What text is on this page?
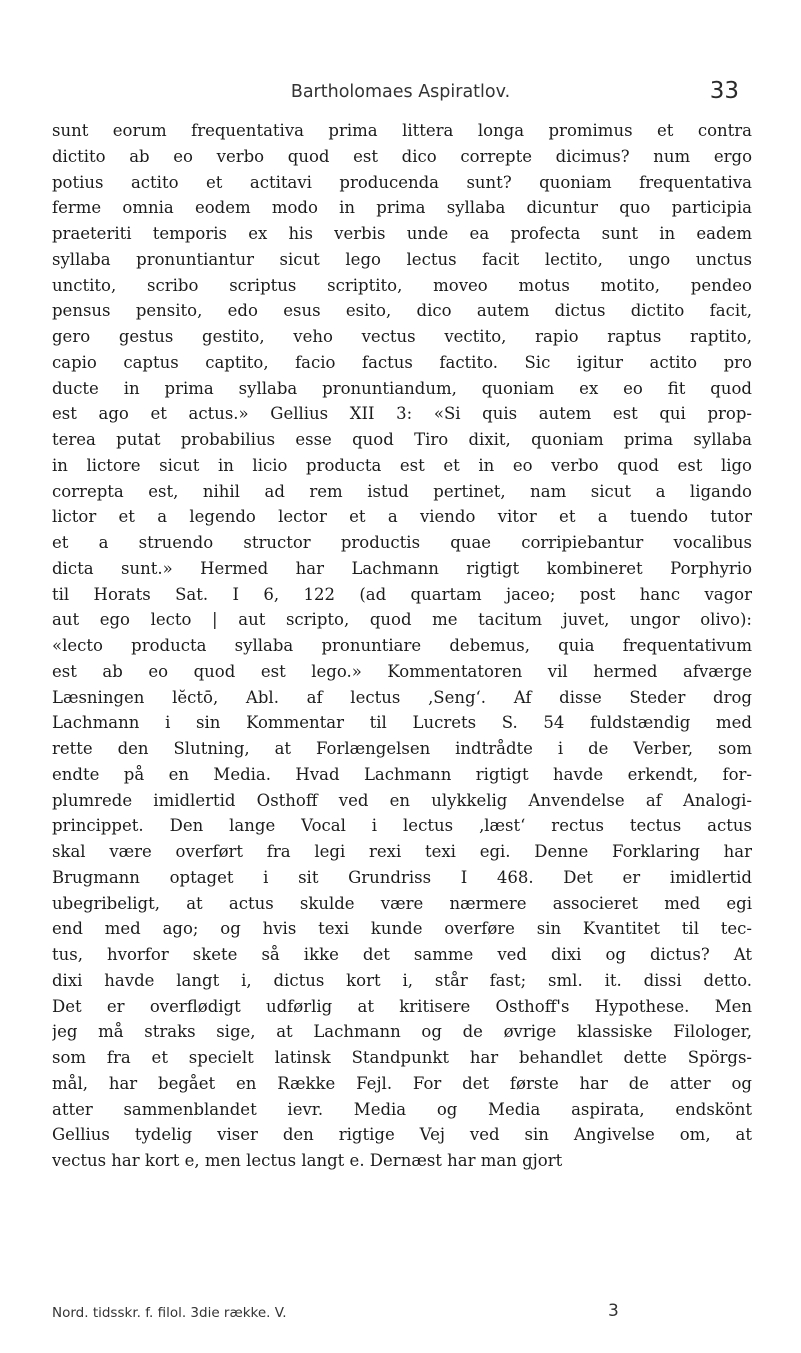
Bartholomaes Aspiratlov.	33
sunt eorum frequentativa prima littera longa promimus et contra
dictito ab eo verbo quod est dico correpte dicimus? num ergo
potius actito et actitavi producenda sunt? quoniam frequentativa
ferme omnia eodem modo in prima syllaba dicuntur quo participia
praeteriti temporis ex his verbis unde ea profecta sunt in eadem
syllaba pronuntiantur sicut lego lectus facit lectito, ungo unctus
unctito, scribo scriptus scriptito, moveo motus motito, pendeo
pensus pensito, edo esus esito, dico autem dictus dictito facit,
gero gestus gestito, veho vectus vectito, rapio raptus raptito,
capio captus captito, facio factus factito. Sic igitur actito pro
ducte in prima syllaba pronuntiandum, quoniam ex eo fit quod
est ago et actus.» Gellius XII 3: «Si quis autem est qui prop-
terea putat probabilius esse quod Tiro dixit, quoniam prima syllaba
in lictore sicut in licio producta est et in eo verbo quod est ligo
correpta est, nihil ad rem istud pertinet, nam sicut a ligando
lictor et a legendo lector et a viendo vitor et a tuendo tutor
et a struendo structor productis quae corripiebantur vocalibus
dicta sunt.» Hermed har Lachmann rigtigt kombineret Porphyrio
til Horats Sat. I 6, 122 (ad quartam jaceo; post hanc vagor
aut ego lecto | aut scripto, quod me tacitum juvet, ungor olivo):
«lecto producta syllaba pronuntiare debemus, quia frequentativum
est ab eo quod est lego.» Kommentatoren vil hermed afværge
Læsningen lĕctō, Abl. af lectus ‚Seng‘. Af disse Steder drog
Lachmann i sin Kommentar til Lucrets S. 54 fuldstændig med
rette den Slutning, at Forlængelsen indtrådte i de Verber, som
endte på en Media. Hvad Lachmann rigtigt havde erkendt, for-
plumrede imidlertid Osthoff ved en ulykkelig Anvendelse af Analogi-
princippet. Den lange Vocal i lectus ‚læst‘ rectus tectus actus
skal være overført fra legi rexi texi egi. Denne Forklaring har
Brugmann optaget i sit Grundriss I 468. Det er imidlertid
ubegribeligt, at actus skulde være nærmere associeret med egi
end med ago; og hvis texi kunde overføre sin Kvantitet til tec-
tus, hvorfor skete så ikke det samme ved dixi og dictus? At
dixi havde langt i, dictus kort i, står fast; sml. it. dissi detto.
Det er overflødigt udførlig at kritisere Osthoff's Hypothese. Men
jeg må straks sige, at Lachmann og de øvrige klassiske Filologer,
som fra et specielt latinsk Standpunkt har behandlet dette Spörgs-
mål, har begået en Række Fejl. For det første har de atter og
atter sammenblandet ievr. Media og Media aspirata, endskönt
Gellius tydelig viser den rigtige Vej ved sin Angivelse om, at
vectus har kort e, men lectus langt e. Dernæst har man gjort
Nord. tidsskr. f. filol. 3die række. V.	3
